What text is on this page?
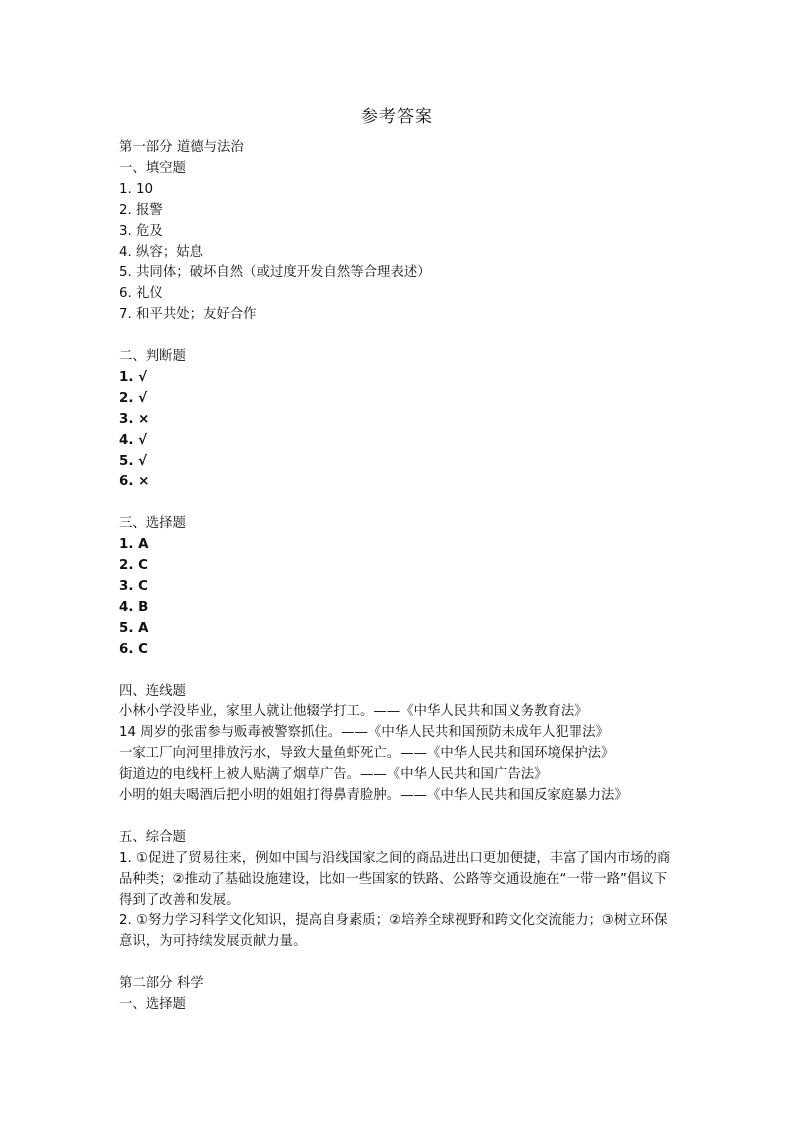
参考答案
第一部分 道德与法治
一、填空题
1. 10
2. 报警
3. 危及
4. 纵容；姑息
5. 共同体；破坏自然（或过度开发自然等合理表述）
6. 礼仪
7. 和平共处；友好合作
二、判断题
1. √
2. √
3. ×
4. √
5. √
6. ×
三、选择题
1. A
2. C
3. C
4. B
5. A
6. C
四、连线题
小林小学没毕业，家里人就让他辍学打工。——《中华人民共和国义务教育法》
14 周岁的张雷参与贩毒被警察抓住。——《中华人民共和国预防未成年人犯罪法》
一家工厂向河里排放污水，导致大量鱼虾死亡。——《中华人民共和国环境保护法》
街道边的电线杆上被人贴满了烟草广告。——《中华人民共和国广告法》
小明的姐夫喝酒后把小明的姐姐打得鼻青脸肿。——《中华人民共和国反家庭暴力法》
五、综合题
1. ①促进了贸易往来，例如中国与沿线国家之间的商品进出口更加便捷，丰富了国内市场的商品种类；②推动了基础设施建设，比如一些国家的铁路、公路等交通设施在“一带一路”倡议下得到了改善和发展。
2. ①努力学习科学文化知识，提高自身素质；②培养全球视野和跨文化交流能力；③树立环保意识，为可持续发展贡献力量。
第二部分 科学
一、选择题
